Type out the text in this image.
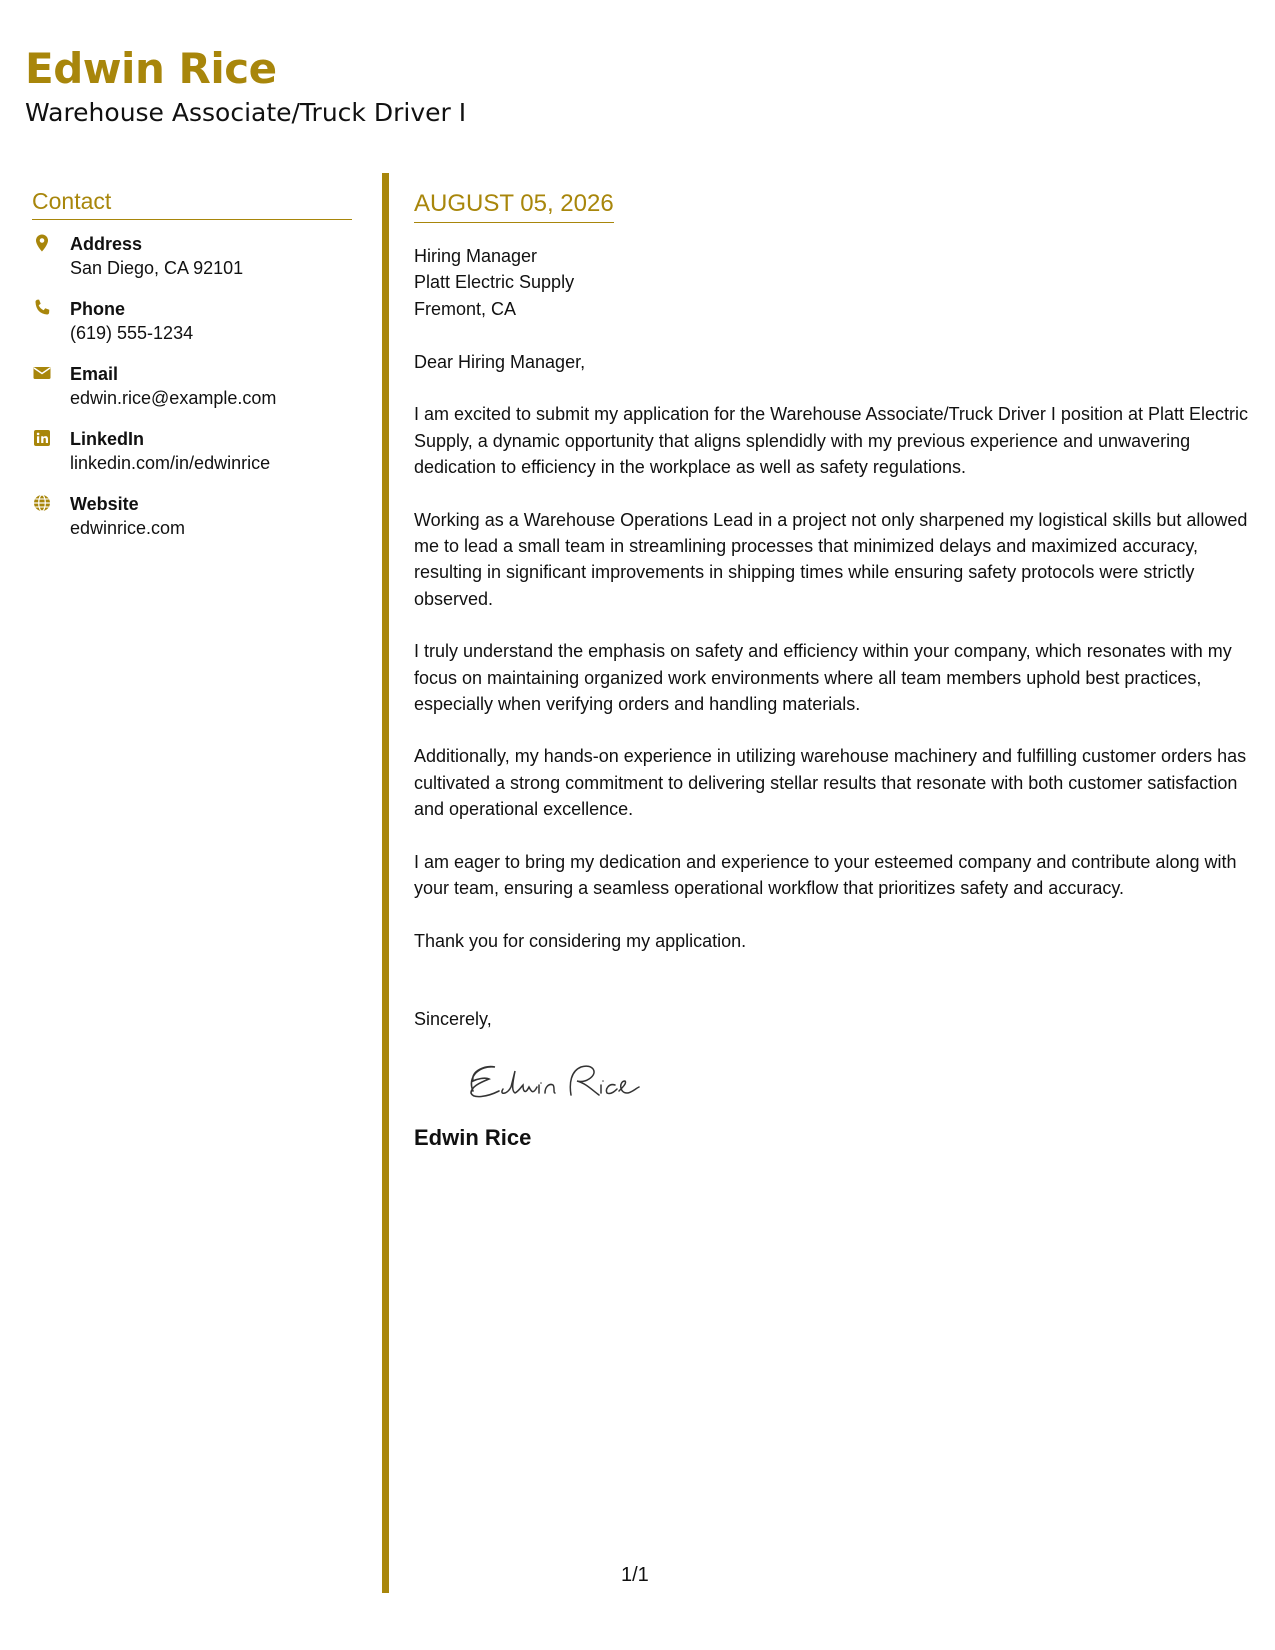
Edwin Rice
Warehouse Associate/Truck Driver I
Contact
Address
San Diego, CA 92101
Phone
(619) 555-1234
Email
edwin.rice@example.com
LinkedIn
linkedin.com/in/edwinrice
Website
edwinrice.com
AUGUST 05, 2026
Hiring Manager
Platt Electric Supply
Fremont, CA
Dear Hiring Manager,
I am excited to submit my application for the Warehouse Associate/Truck Driver I position at Platt Electric Supply, a dynamic opportunity that aligns splendidly with my previous experience and unwavering dedication to efficiency in the workplace as well as safety regulations.
Working as a Warehouse Operations Lead in a project not only sharpened my logistical skills but allowed me to lead a small team in streamlining processes that minimized delays and maximized accuracy, resulting in significant improvements in shipping times while ensuring safety protocols were strictly observed.
I truly understand the emphasis on safety and efficiency within your company, which resonates with my focus on maintaining organized work environments where all team members uphold best practices, especially when verifying orders and handling materials.
Additionally, my hands-on experience in utilizing warehouse machinery and fulfilling customer orders has cultivated a strong commitment to delivering stellar results that resonate with both customer satisfaction and operational excellence.
I am eager to bring my dedication and experience to your esteemed company and contribute along with your team, ensuring a seamless operational workflow that prioritizes safety and accuracy.
Thank you for considering my application.
Sincerely,
Edwin Rice
1/1
